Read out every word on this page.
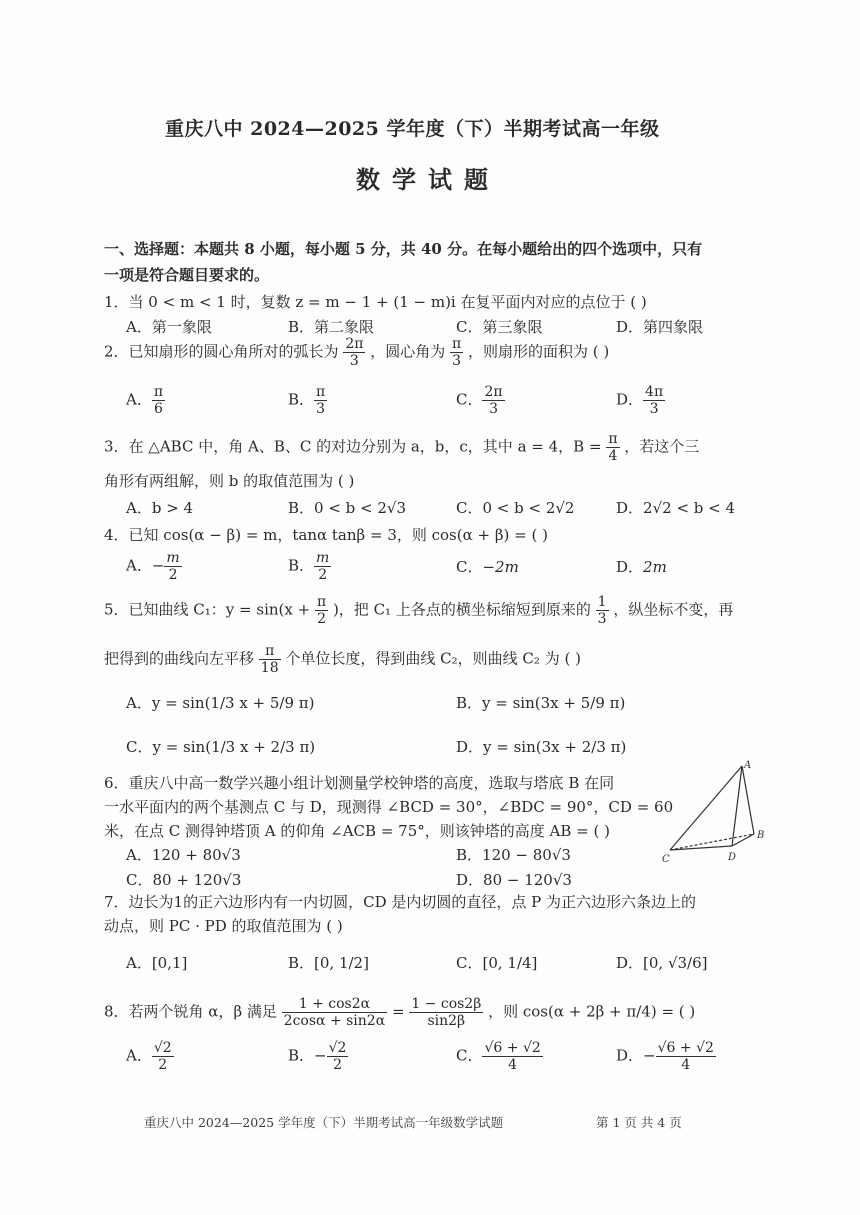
重庆八中 2024—2025 学年度（下）半期考试高一年级
数学试题
一、选择题：本题共 8 小题，每小题 5 分，共 40 分。在每小题给出的四个选项中，只有
一项是符合题目要求的。
1．当 0 < m < 1 时，复数 z = m − 1 + (1 − m)i 在复平面内对应的点位于 ( )
A．第一象限	B．第二象限	C．第三象限	D．第四象限
2．已知扇形的圆心角所对的弧长为 $\frac{2\pi}{3}$ ，圆心角为 $\frac{\pi}{3}$ ，则扇形的面积为 ( )
A． $\frac{\pi}{6}$	B． $\frac{\pi}{3}$	C． $\frac{2\pi}{3}$	D． $\frac{4\pi}{3}$
3．在 △ABC 中，角 A、B、C 的对边分别为 a，b，c，其中 a = 4，$B = \frac{\pi}{4}$ ，若这个三
角形有两组解，则 b 的取值范围为 ( )
A．b > 4	B．0 < b < 2√3	C．0 < b < 2√2	D．2√2 < b < 4
4．已知 cos(α − β) = m，tanα tanβ = 3，则 cos(α + β) = ( )
A．− $\frac{m}{2}$	B． $\frac{m}{2}$	C．−2m	D．2m
5．已知曲线 C₁：$y = \sin(x + \frac{\pi}{2}$ )，把 C₁ 上各点的横坐标缩短到原来的 $\frac{1}{3}$ ，纵坐标不变，再
把得到的曲线向左平移 $\frac{\pi}{18}$ 个单位长度，得到曲线 C₂，则曲线 C₂ 为 ( )
A．y = sin(1/3 x + 5/9 π)	B．y = sin(3x + 5/9 π)
C．y = sin(1/3 x + 2/3 π)	D．y = sin(3x + 2/3 π)
6．重庆八中高一数学兴趣小组计划测量学校钟塔的高度，选取与塔底 B 在同
一水平面内的两个基测点 C 与 D，现测得 ∠BCD = 30°，∠BDC = 90°，CD = 60
米，在点 C 测得钟塔顶 A 的仰角 ∠ACB = 75°，则该钟塔的高度 AB = ( )
A．120 + 80√3	B．120 − 80√3
C．80 + 120√3	D．80 − 120√3
A
B
C	D
7．边长为1的正六边形内有一内切圆，CD 是内切圆的直径，点 P 为正六边形六条边上的
动点，则 PC · PD 的取值范围为 ( )
A．[0,1]	B．[0, 1/2]	C．[0, 1/4]	D．[0, √3/6]
8．若两个锐角 α，β 满足 $\frac{1 + \cos 2\alpha}{2\cos\alpha + \sin 2\alpha} = \frac{1 - \cos 2\beta}{\sin 2\beta}$ ，则 cos(α + 2β + π/4) = ( )
A． $\frac{√2}{2}$	B．− $\frac{√2}{2}$	C． $\frac{√6 + √2}{4}$	D．− $\frac{√6 + √2}{4}$
重庆八中 2024—2025 学年度（下）半期考试高一年级数学试题	第 1 页 共 4 页
